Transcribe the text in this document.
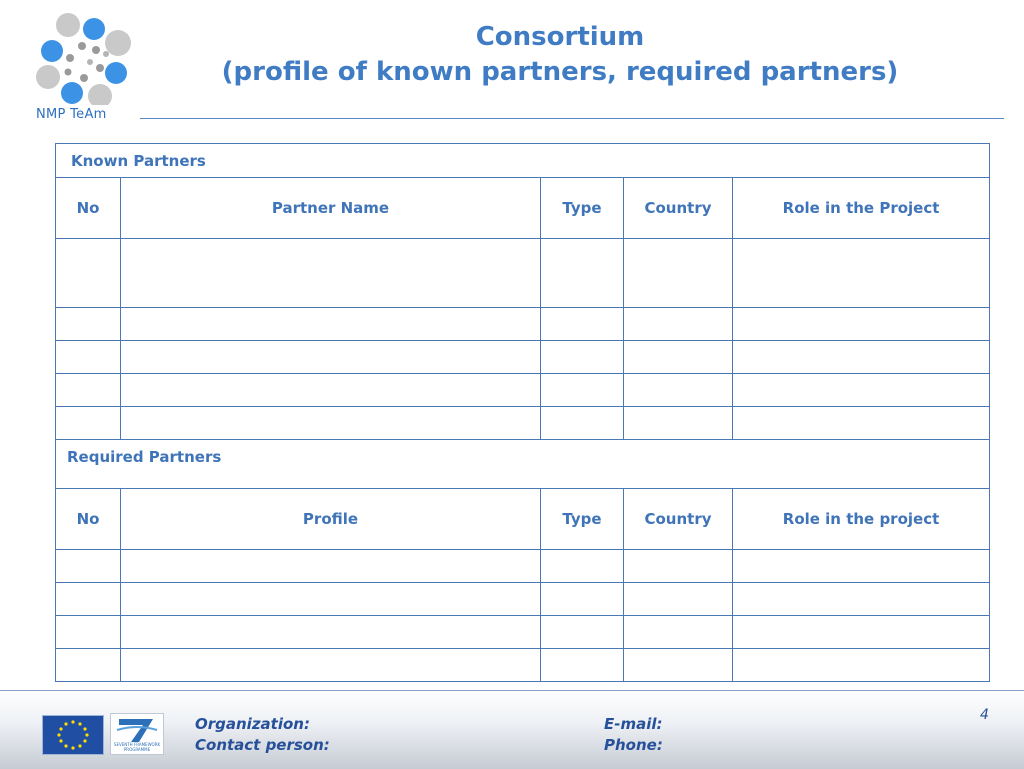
NMP TeAm
Consortium
(profile of known partners, required partners)
Known Partners				
No	Partner Name	Type	Country	Role in the Project

Required Partners				
No	Profile	Type	Country	Role in the project

SEVENTH FRAMEWORK PROGRAMME
Organization:
Contact person:
E-mail:
Phone:
4
